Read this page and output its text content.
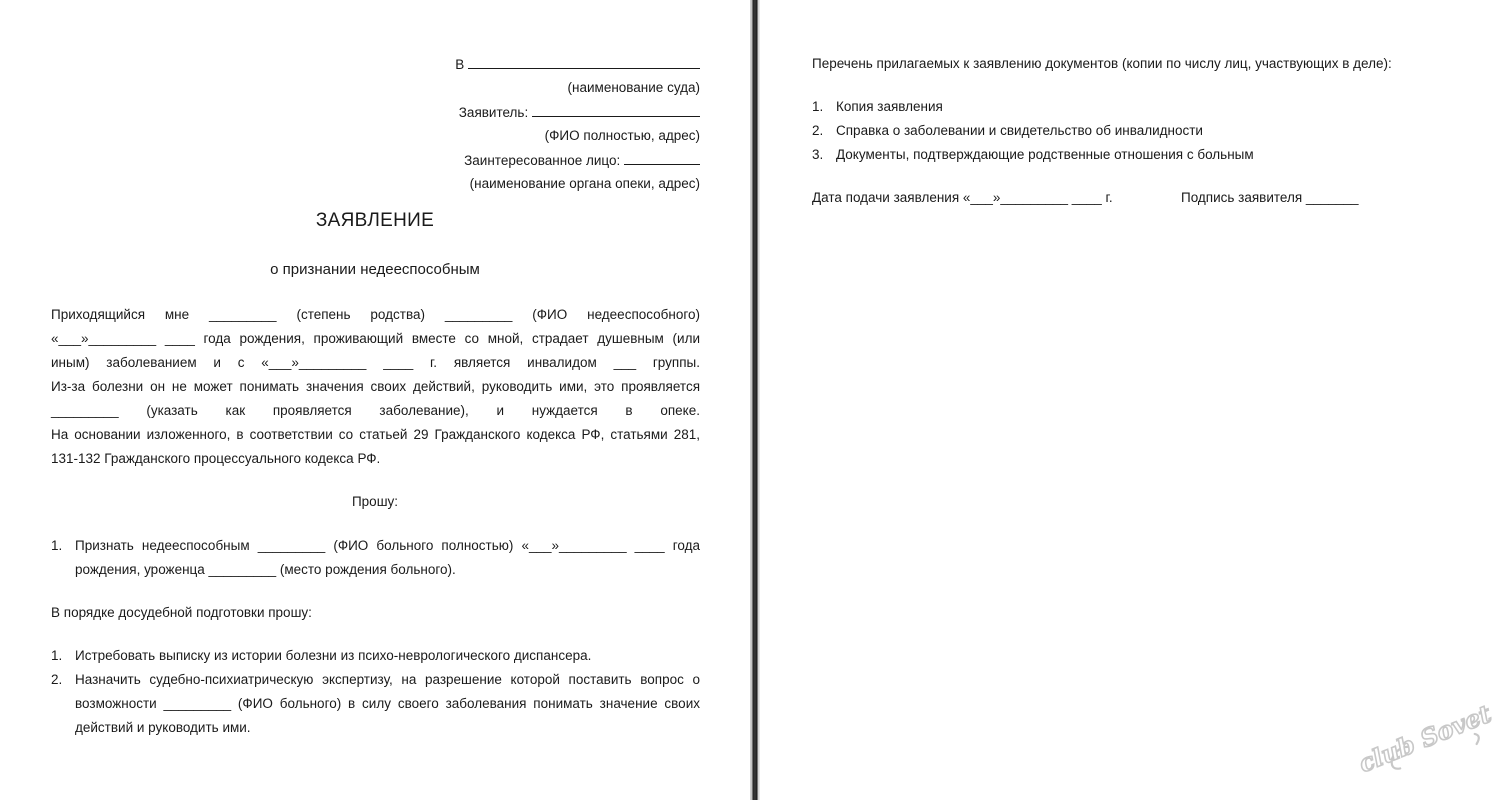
В
(наименование суда)
Заявитель:
(ФИО полностью, адрес)
Заинтересованное лицо:
(наименование органа опеки, адрес)
ЗАЯВЛЕНИЕ
о признании недееспособным
Приходящийся мне _________ (степень родства) _________ (ФИО недееспособного)
«___»_________ ____ года рождения, проживающий вместе со мной, страдает душевным (или
иным) заболеванием и с «___»_________ ____ г. является инвалидом ___ группы.
Из-за болезни он не может понимать значения своих действий, руководить ими, это проявляется
_________ (указать как проявляется заболевание), и нуждается в опеке.
На основании изложенного, в соответствии со статьей 29 Гражданского кодекса РФ, статьями 281,
131-132 Гражданского процессуального кодекса РФ.
Прошу:
1. Признать недееспособным _________ (ФИО больного полностью) «___»_________ ____ года
рождения, уроженца _________ (место рождения больного).
В порядке досудебной подготовки прошу:
1. Истребовать выписку из истории болезни из психо-неврологического диспансера.
2. Назначить судебно-психиатрическую экспертизу, на разрешение которой поставить вопрос о
возможности _________ (ФИО больного) в силу своего заболевания понимать значение своих
действий и руководить ими.
Перечень прилагаемых к заявлению документов (копии по числу лиц, участвующих в деле):
1. Копия заявления
2. Справка о заболевании и свидетельство об инвалидности
3. Документы, подтверждающие родственные отношения с больным
Дата подачи заявления «___»_________ ____ г.	Подпись заявителя _______
club Sovet
